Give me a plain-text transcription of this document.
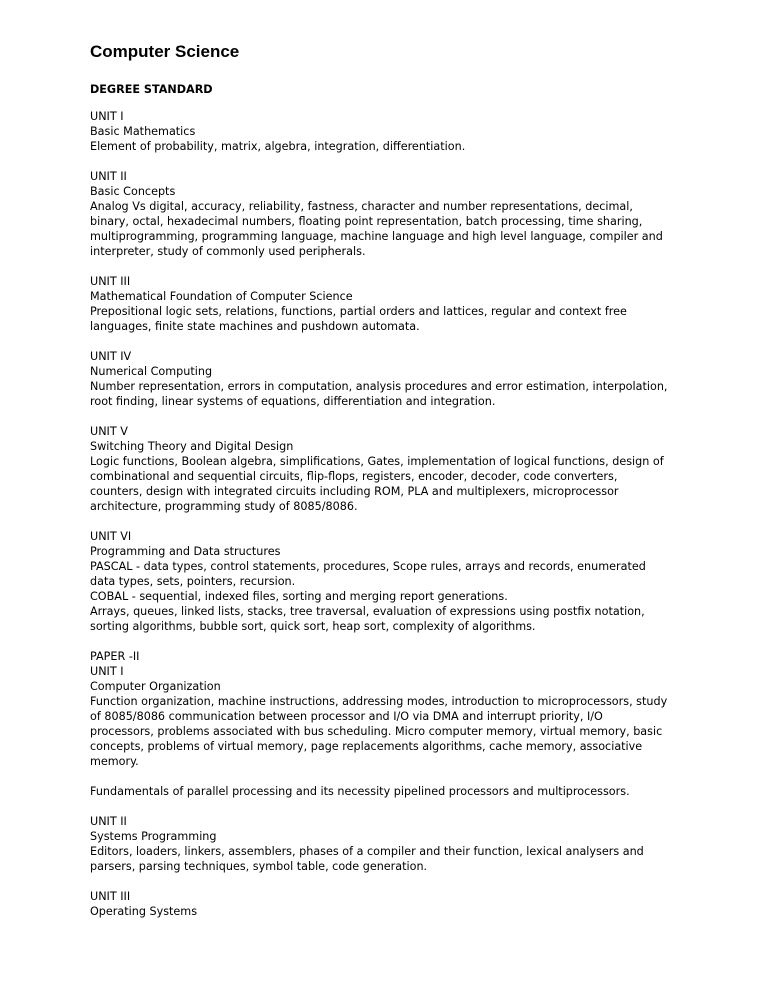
Computer Science
DEGREE STANDARD
UNIT I
Basic Mathematics
Element of probability, matrix, algebra, integration, differentiation.
UNIT II
Basic Concepts
Analog Vs digital, accuracy, reliability, fastness, character and number representations, decimal,
binary, octal, hexadecimal numbers, floating point representation, batch processing, time sharing,
multiprogramming, programming language, machine language and high level language, compiler and
interpreter, study of commonly used peripherals.
UNIT III
Mathematical Foundation of Computer Science
Prepositional logic sets, relations, functions, partial orders and lattices, regular and context free
languages, finite state machines and pushdown automata.
UNIT IV
Numerical Computing
Number representation, errors in computation, analysis procedures and error estimation, interpolation,
root finding, linear systems of equations, differentiation and integration.
UNIT V
Switching Theory and Digital Design
Logic functions, Boolean algebra, simplifications, Gates, implementation of logical functions, design of
combinational and sequential circuits, flip-flops, registers, encoder, decoder, code converters,
counters, design with integrated circuits including ROM, PLA and multiplexers, microprocessor
architecture, programming study of 8085/8086.
UNIT VI
Programming and Data structures
PASCAL - data types, control statements, procedures, Scope rules, arrays and records, enumerated
data types, sets, pointers, recursion.
COBAL - sequential, indexed files, sorting and merging report generations.
Arrays, queues, linked lists, stacks, tree traversal, evaluation of expressions using postfix notation,
sorting algorithms, bubble sort, quick sort, heap sort, complexity of algorithms.
PAPER -II
UNIT I
Computer Organization
Function organization, machine instructions, addressing modes, introduction to microprocessors, study
of 8085/8086 communication between processor and I/O via DMA and interrupt priority, I/O
processors, problems associated with bus scheduling. Micro computer memory, virtual memory, basic
concepts, problems of virtual memory, page replacements algorithms, cache memory, associative
memory.
Fundamentals of parallel processing and its necessity pipelined processors and multiprocessors.
UNIT II
Systems Programming
Editors, loaders, linkers, assemblers, phases of a compiler and their function, lexical analysers and
parsers, parsing techniques, symbol table, code generation.
UNIT III
Operating Systems
